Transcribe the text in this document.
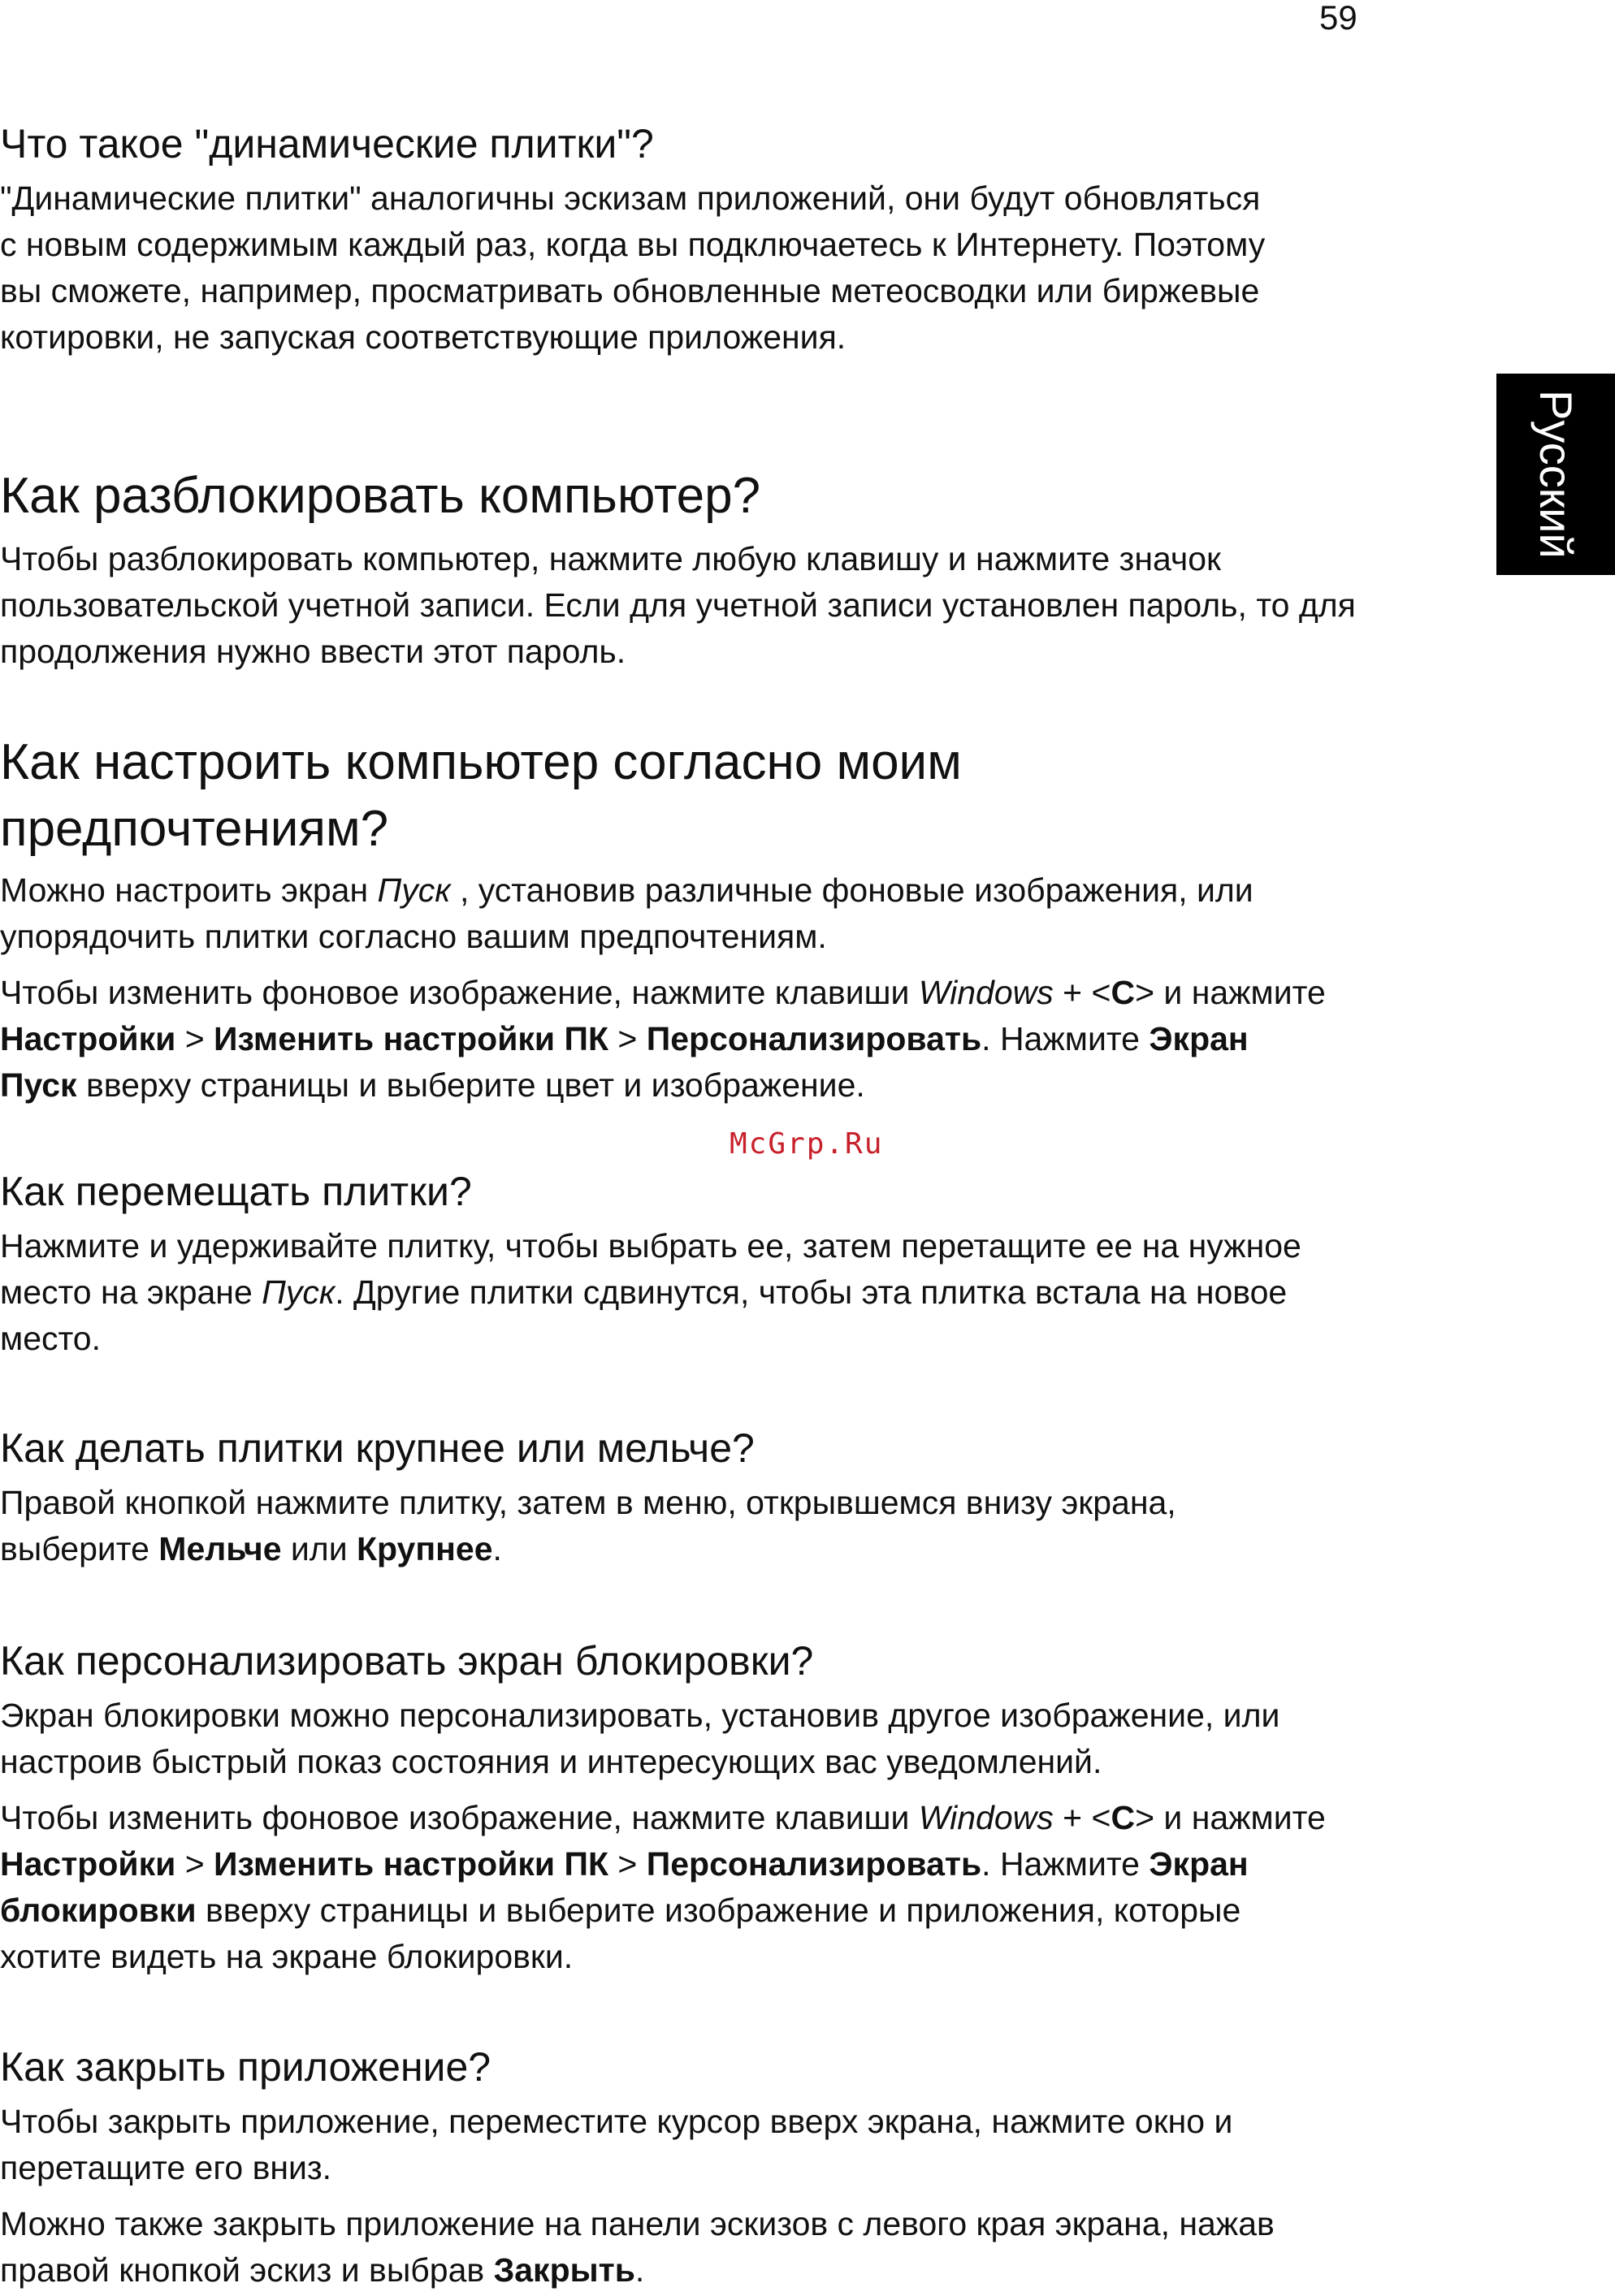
59
Русский
Что такое "динамические плитки"?

"Динамические плитки" аналогичны эскизам приложений, они будут обновляться с новым содержимым каждый раз, когда вы подключаетесь к Интернету. Поэтому вы сможете, например, просматривать обновленные метеосводки или биржевые котировки, не запуская соответствующие приложения.

Как разблокировать компьютер?

Чтобы разблокировать компьютер, нажмите любую клавишу и нажмите значок пользовательской учетной записи. Если для учетной записи установлен пароль, то для продолжения нужно ввести этот пароль.

Как настроить компьютер согласно моим предпочтениям?

Можно настроить экран Пуск , установив различные фоновые изображения, или упорядочить плитки согласно вашим предпочтениям.

Чтобы изменить фоновое изображение, нажмите клавиши Windows + <C> и нажмите Настройки > Изменить настройки ПК > Персонализировать. Нажмите Экран Пуск вверху страницы и выберите цвет и изображение.

McGrp.Ru
Как перемещать плитки?

Нажмите и удерживайте плитку, чтобы выбрать ее, затем перетащите ее на нужное место на экране Пуск. Другие плитки сдвинутся, чтобы эта плитка встала на новое место.

Как делать плитки крупнее или мельче?

Правой кнопкой нажмите плитку, затем в меню, открывшемся внизу экрана, выберите Мельче или Крупнее.

Как персонализировать экран блокировки?

Экран блокировки можно персонализировать, установив другое изображение, или настроив быстрый показ состояния и интересующих вас уведомлений.

Чтобы изменить фоновое изображение, нажмите клавиши Windows + <C> и нажмите Настройки > Изменить настройки ПК > Персонализировать. Нажмите Экран блокировки вверху страницы и выберите изображение и приложения, которые хотите видеть на экране блокировки.

Как закрыть приложение?

Чтобы закрыть приложение, переместите курсор вверх экрана, нажмите окно и перетащите его вниз.

Можно также закрыть приложение на панели эскизов с левого края экрана, нажав правой кнопкой эскиз и выбрав Закрыть.
